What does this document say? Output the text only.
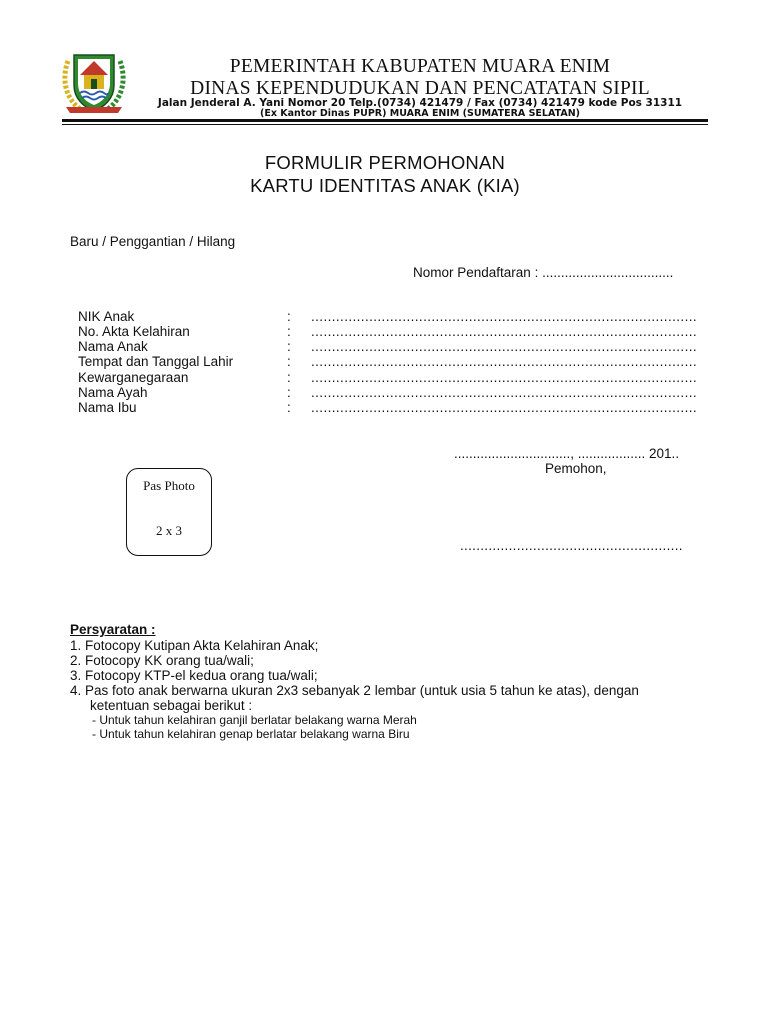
PEMERINTAH KABUPATEN MUARA ENIM
DINAS KEPENDUDUKAN DAN PENCATATAN SIPIL
Jalan Jenderal A. Yani Nomor 20 Telp.(0734) 421479 / Fax (0734) 421479 kode Pos 31311
(Ex Kantor Dinas PUPR) MUARA ENIM (SUMATERA SELATAN)
FORMULIR PERMOHONAN
KARTU IDENTITAS ANAK (KIA)
Baru / Penggantian / Hilang
Nomor Pendaftaran : ...................................
NIK Anak	: .............................................................................................
No. Akta Kelahiran	: .............................................................................................
Nama Anak	: .............................................................................................
Tempat dan Tanggal Lahir	: .............................................................................................
Kewarganegaraan	: .............................................................................................
Nama Ayah	: .............................................................................................
Nama Ibu	: .............................................................................................
..............................., .................. 201..
Pemohon,
.......................................................
Pas Photo
2 x 3
Persyaratan :
1. Fotocopy Kutipan Akta Kelahiran Anak;
2. Fotocopy KK orang tua/wali;
3. Fotocopy KTP-el kedua orang tua/wali;
4. Pas foto anak berwarna ukuran 2x3 sebanyak 2 lembar (untuk usia 5 tahun ke atas), dengan
ketentuan sebagai berikut :
- Untuk tahun kelahiran ganjil berlatar belakang warna Merah
- Untuk tahun kelahiran genap berlatar belakang warna Biru
